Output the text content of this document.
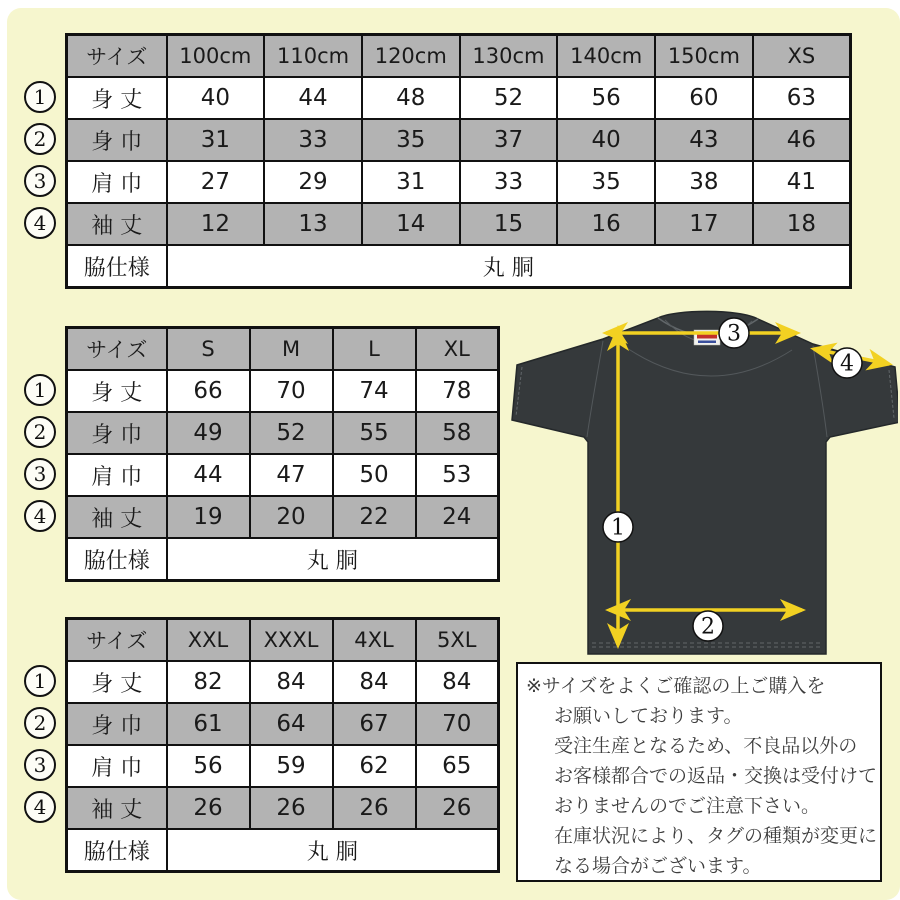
サイズ	100cm	110cm	120cm	130cm	140cm	150cm	XS
身 丈	40	44	48	52	56	60	63
身 巾	31	33	35	37	40	43	46
肩 巾	27	29	31	33	35	38	41
袖 丈	12	13	14	15	16	17	18
脇仕様	丸 胴						
1
2
3
4
サイズ	S	M	L	XL
身 丈	66	70	74	78
身 巾	49	52	55	58
肩 巾	44	47	50	53
袖 丈	19	20	22	24
脇仕様	丸 胴			
1
2
3
4
サイズ	XXL	XXXL	4XL	5XL
身 丈	82	84	84	84
身 巾	61	64	67	70
肩 巾	56	59	62	65
袖 丈	26	26	26	26
脇仕様	丸 胴			
1
2
3
4
3
4
1
2
※サイズをよくご確認の上ご購入を
お願いしております。
受注生産となるため、不良品以外の
お客様都合での返品・交換は受付けて
おりませんのでご注意下さい。
在庫状況により、タグの種類が変更に
なる場合がございます。
